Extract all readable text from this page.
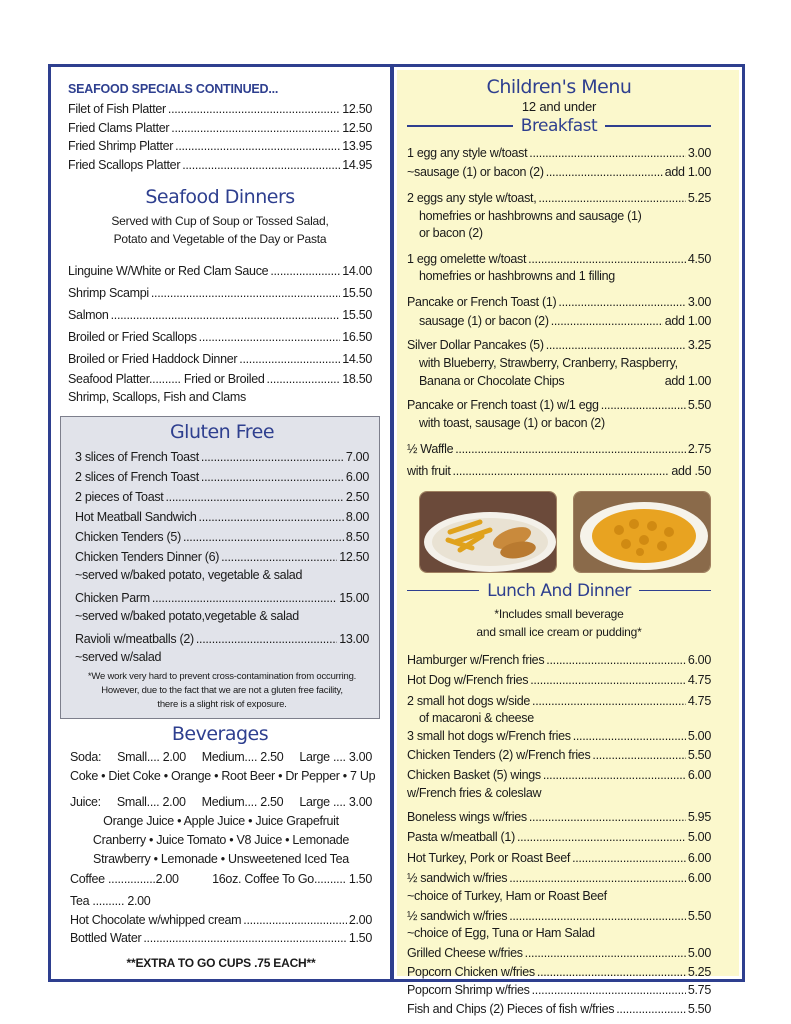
SEAFOOD SPECIALS CONTINUED...
Filet of Fish Platter .....	12.50
Fried Clams Platter .....	12.50
Fried Shrimp Platter .....	13.95
Fried Scallops Platter .....	14.95
Seafood Dinners
Served with Cup of Soup or Tossed Salad,
Potato and Vegetable of the Day or Pasta
Linguine W/White or Red Clam Sauce .....	14.00
Shrimp Scampi .....	15.50
Salmon .....	15.50
Broiled or Fried Scallops .....	16.50
Broiled or Fried Haddock Dinner .....	14.50
Seafood Platter.......... Fried or Broiled .....	18.50
Shrimp, Scallops, Fish and Clams
Gluten Free
3 slices of French Toast .....	7.00
2 slices of French Toast .....	6.00
2 pieces of Toast .....	2.50
Hot Meatball Sandwich .....	8.00
Chicken Tenders (5) .....	8.50
Chicken Tenders Dinner (6) .....	12.50
~served w/baked potato, vegetable & salad
Chicken Parm .....	15.00
~served w/baked potato,vegetable & salad
Ravioli w/meatballs (2) .....	13.00
~served w/salad
*We work very hard to prevent cross-contamination from occurring.
However, due to the fact that we are not a gluten free facility,
there is a slight risk of exposure.
Beverages
Soda: Small.... 2.00 Medium.... 2.50 Large .... 3.00
Coke • Diet Coke • Orange • Root Beer • Dr Pepper • 7 Up
Juice: Small.... 2.00 Medium.... 2.50 Large .... 3.00
Orange Juice • Apple Juice • Juice Grapefruit
Cranberry • Juice Tomato • V8 Juice • Lemonade
Strawberry • Lemonade • Unsweetened Iced Tea
Coffee ...............2.00	16oz. Coffee To Go.......... 1.50
Tea .......... 2.00
Hot Chocolate w/whipped cream .....	2.00
Bottled Water .....	1.50
**EXTRA TO GO CUPS .75 EACH**
Children's Menu
12 and under
Breakfast
1 egg any style w/toast .....	3.00
~sausage (1) or bacon (2) .....	add 1.00
2 eggs any style w/toast, .....	5.25
homefries or hashbrowns and sausage (1)
or bacon (2)
1 egg omelette w/toast .....	4.50
homefries or hashbrowns and 1 filling
Pancake or French Toast (1) .....	3.00
sausage (1) or bacon (2) .....	add 1.00
Silver Dollar Pancakes (5) .....	3.25
with Blueberry, Strawberry, Cranberry, Raspberry,
Banana or Chocolate Chips	add 1.00
Pancake or French toast (1) w/1 egg .....	5.50
with toast, sausage (1) or bacon (2)
½ Waffle .....	2.75
with fruit .....	add .50
Lunch And Dinner
*Includes small beverage
and small ice cream or pudding*
Hamburger w/French fries .....	6.00
Hot Dog w/French fries .....	4.75
2 small hot dogs w/side .....	4.75
of macaroni & cheese
3 small hot dogs w/French fries .....	5.00
Chicken Tenders (2) w/French fries .....	5.50
Chicken Basket (5) wings .....	6.00
w/French fries & coleslaw
Boneless wings w/fries .....	5.95
Pasta w/meatball (1) .....	5.00
Hot Turkey, Pork or Roast Beef .....	6.00
½ sandwich w/fries .....	6.00
~choice of Turkey, Ham or Roast Beef
½ sandwich w/fries .....	5.50
~choice of Egg, Tuna or Ham Salad
Grilled Cheese w/fries .....	5.00
Popcorn Chicken w/fries .....	5.25
Popcorn Shrimp w/fries .....	5.75
Fish and Chips (2) Pieces of fish w/fries .....	5.50
